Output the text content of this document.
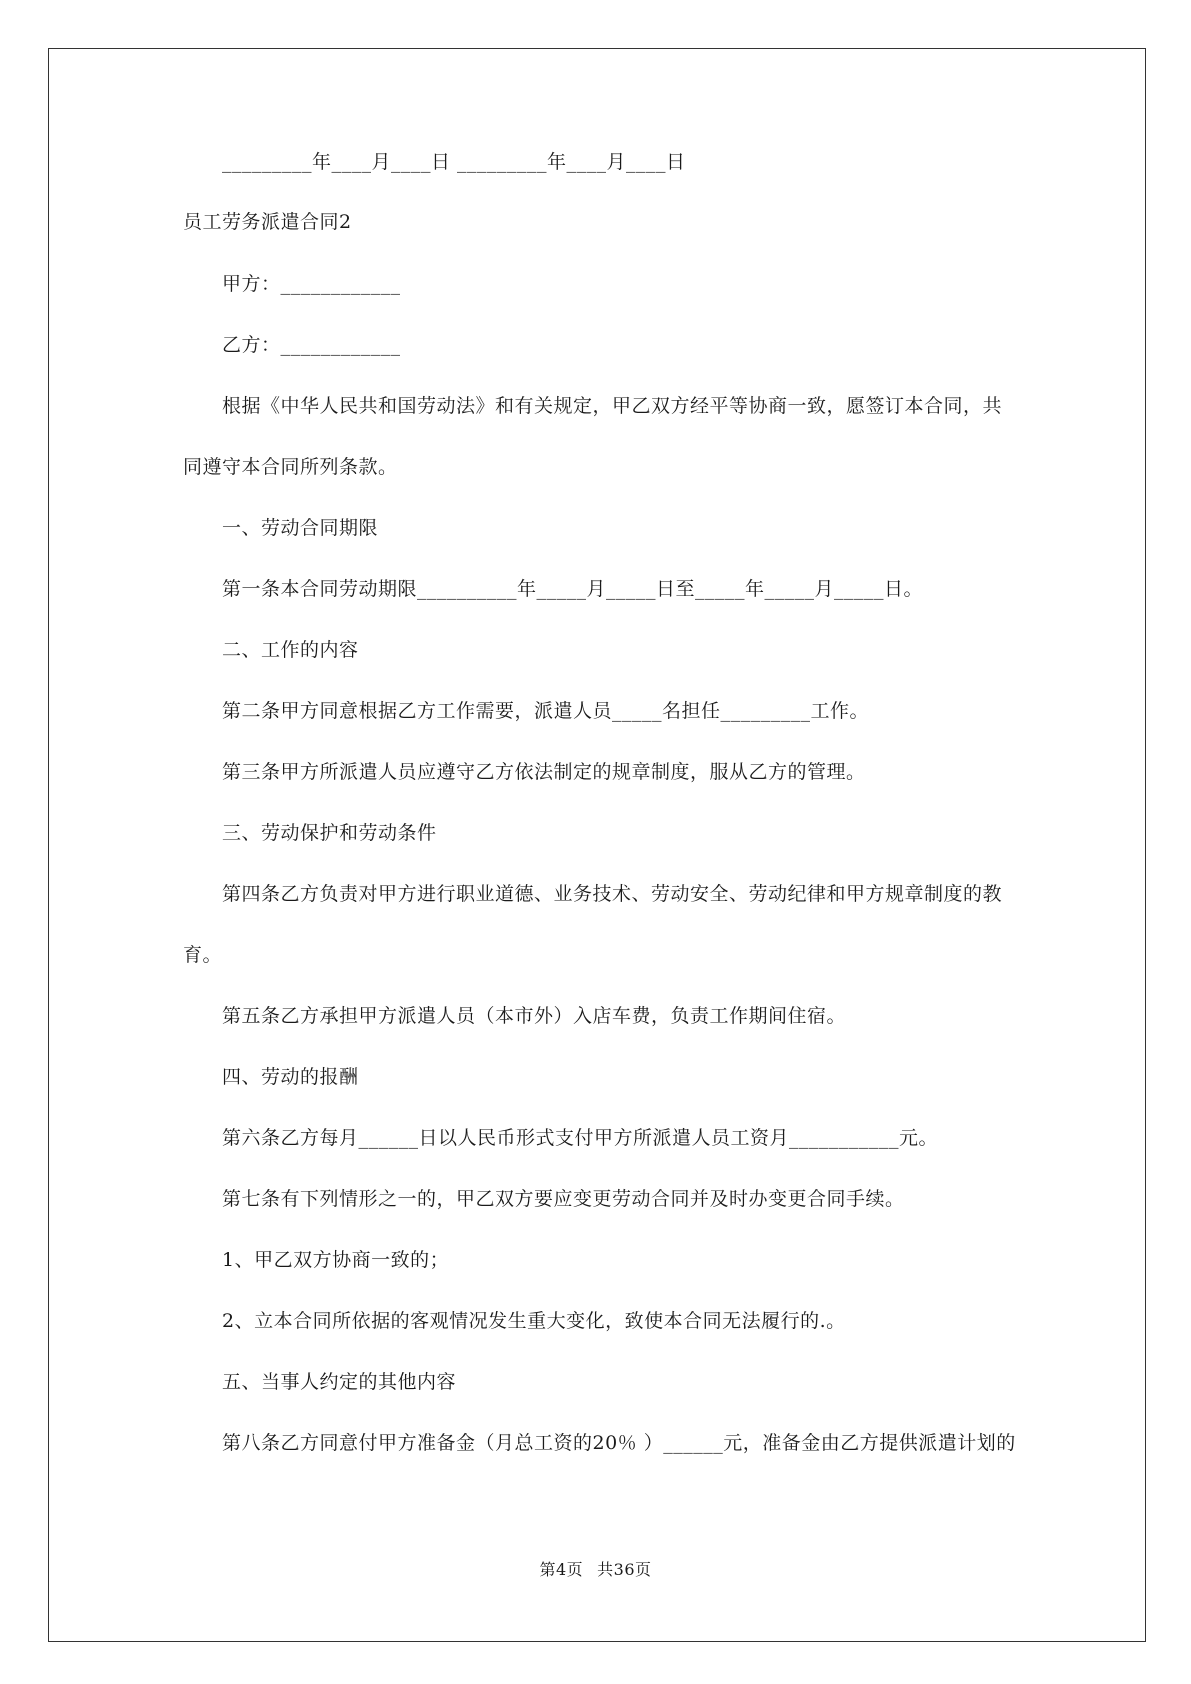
_________年____月____日 _________年____月____日
员工劳务派遣合同2
甲方：____________
乙方：____________
根据《中华人民共和国劳动法》和有关规定，甲乙双方经平等协商一致，愿签订本合同，共
同遵守本合同所列条款。
一、劳动合同期限
第一条本合同劳动期限__________年_____月_____日至_____年_____月_____日。
二、工作的内容
第二条甲方同意根据乙方工作需要，派遣人员_____名担任_________工作。
第三条甲方所派遣人员应遵守乙方依法制定的规章制度，服从乙方的管理。
三、劳动保护和劳动条件
第四条乙方负责对甲方进行职业道德、业务技术、劳动安全、劳动纪律和甲方规章制度的教
育。
第五条乙方承担甲方派遣人员（本市外）入店车费，负责工作期间住宿。
四、劳动的报酬
第六条乙方每月______日以人民币形式支付甲方所派遣人员工资月___________元。
第七条有下列情形之一的，甲乙双方要应变更劳动合同并及时办变更合同手续。
1、甲乙双方协商一致的；
2、立本合同所依据的客观情况发生重大变化，致使本合同无法履行的.。
五、当事人约定的其他内容
第八条乙方同意付甲方准备金（月总工资的20％ ）______元，准备金由乙方提供派遣计划的
第4页 共36页
